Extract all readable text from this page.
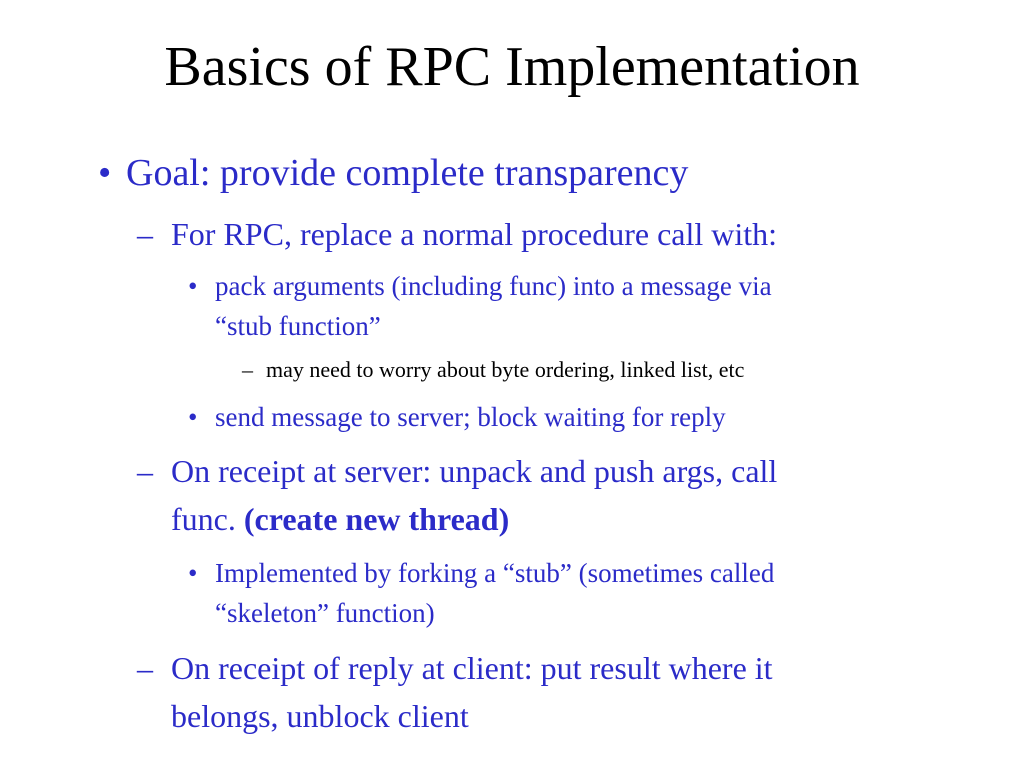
Basics of RPC Implementation
• Goal: provide complete transparency
– For RPC, replace a normal procedure call with:
• pack arguments (including func) into a message via
“stub function”
– may need to worry about byte ordering, linked list, etc
• send message to server; block waiting for reply
– On receipt at server: unpack and push args, call
func. (create new thread)
• Implemented by forking a “stub” (sometimes called
“skeleton” function)
– On receipt of reply at client: put result where it
belongs, unblock client
